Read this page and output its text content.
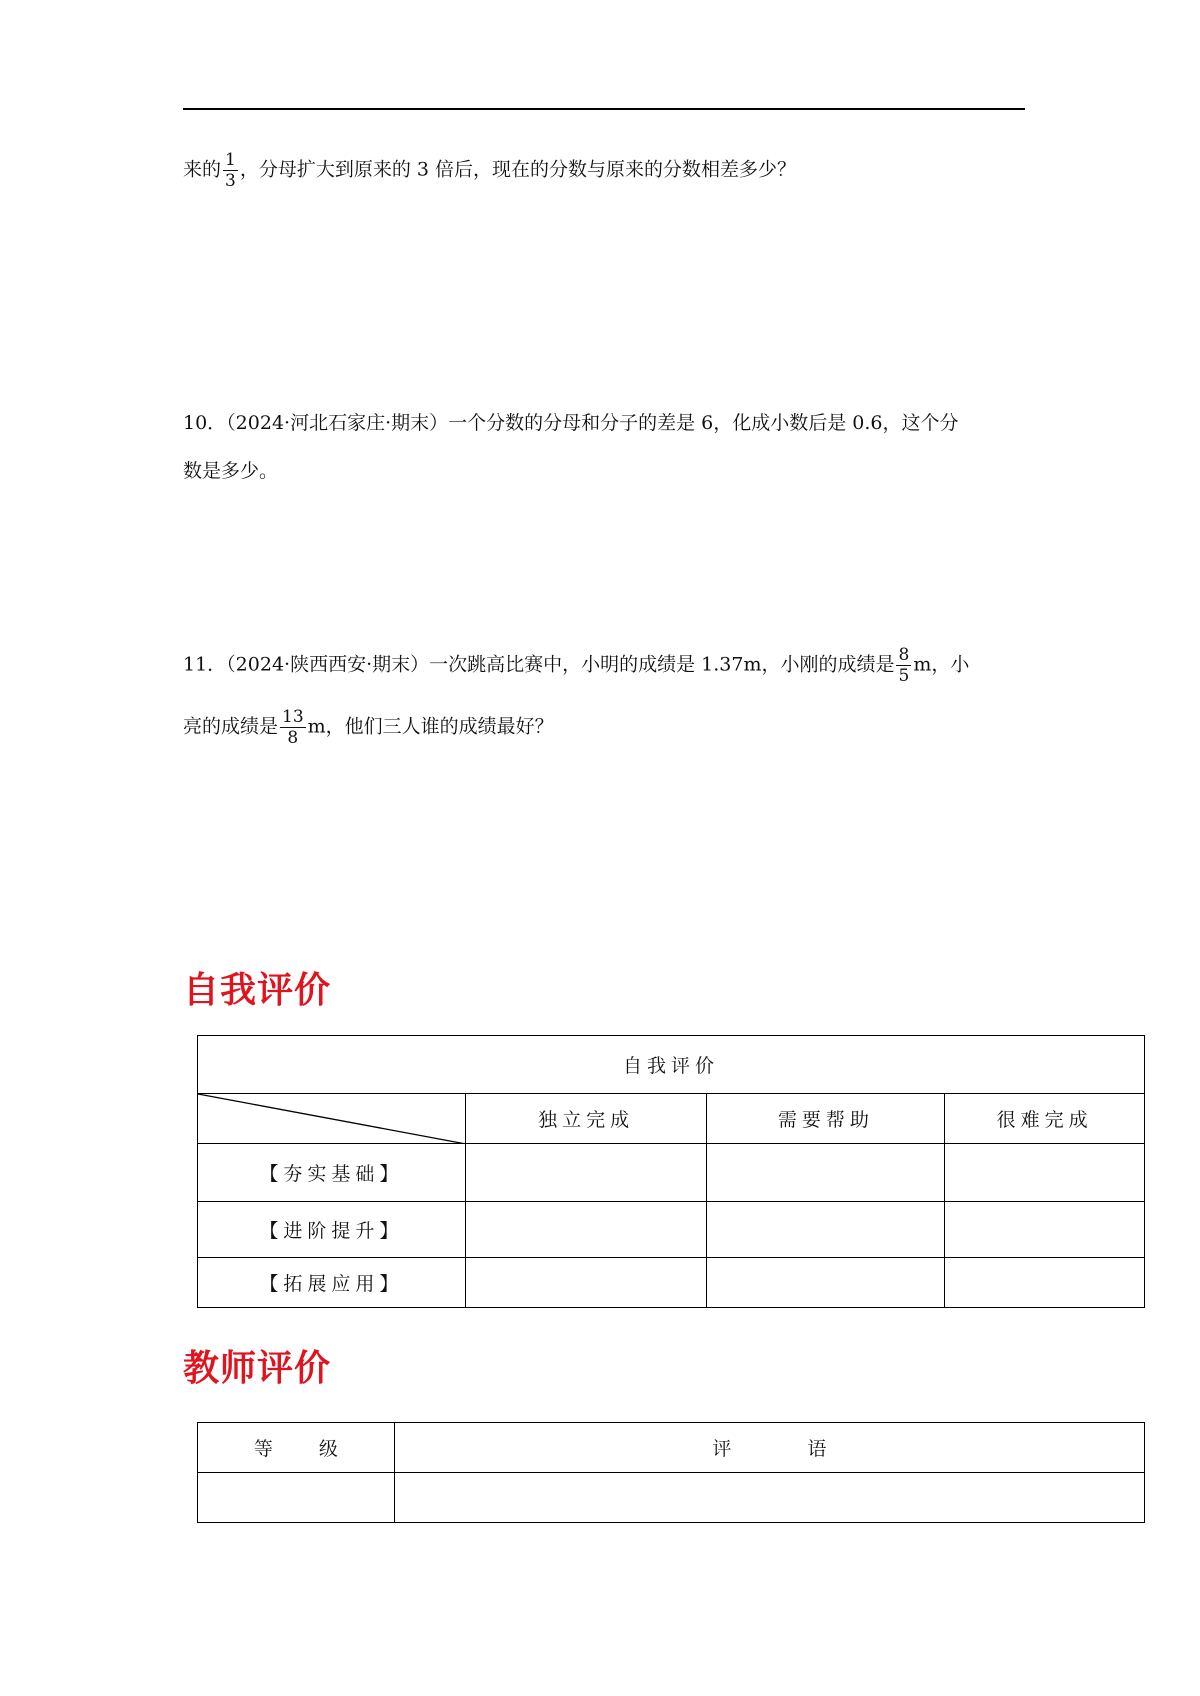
来的 $\frac{1}{3}$ ，分母扩大到原来的 3 倍后，现在的分数与原来的分数相差多少？
10．（2024·河北石家庄·期末）一个分数的分母和分子的差是 6，化成小数后是 0.6，这个分
数是多少。
11．（2024·陕西西安·期末）一次跳高比赛中，小明的成绩是 1.37m，小刚的成绩是 $\frac{8}{5}$ m，小
亮的成绩是 $\frac{13}{8}$ m，他们三人谁的成绩最好？
自我评价
自我评价			

	独立完成	需要帮助	很难完成
【夯实基础】			
【进阶提升】			
【拓展应用】			
教师评价
等 级	评 语
